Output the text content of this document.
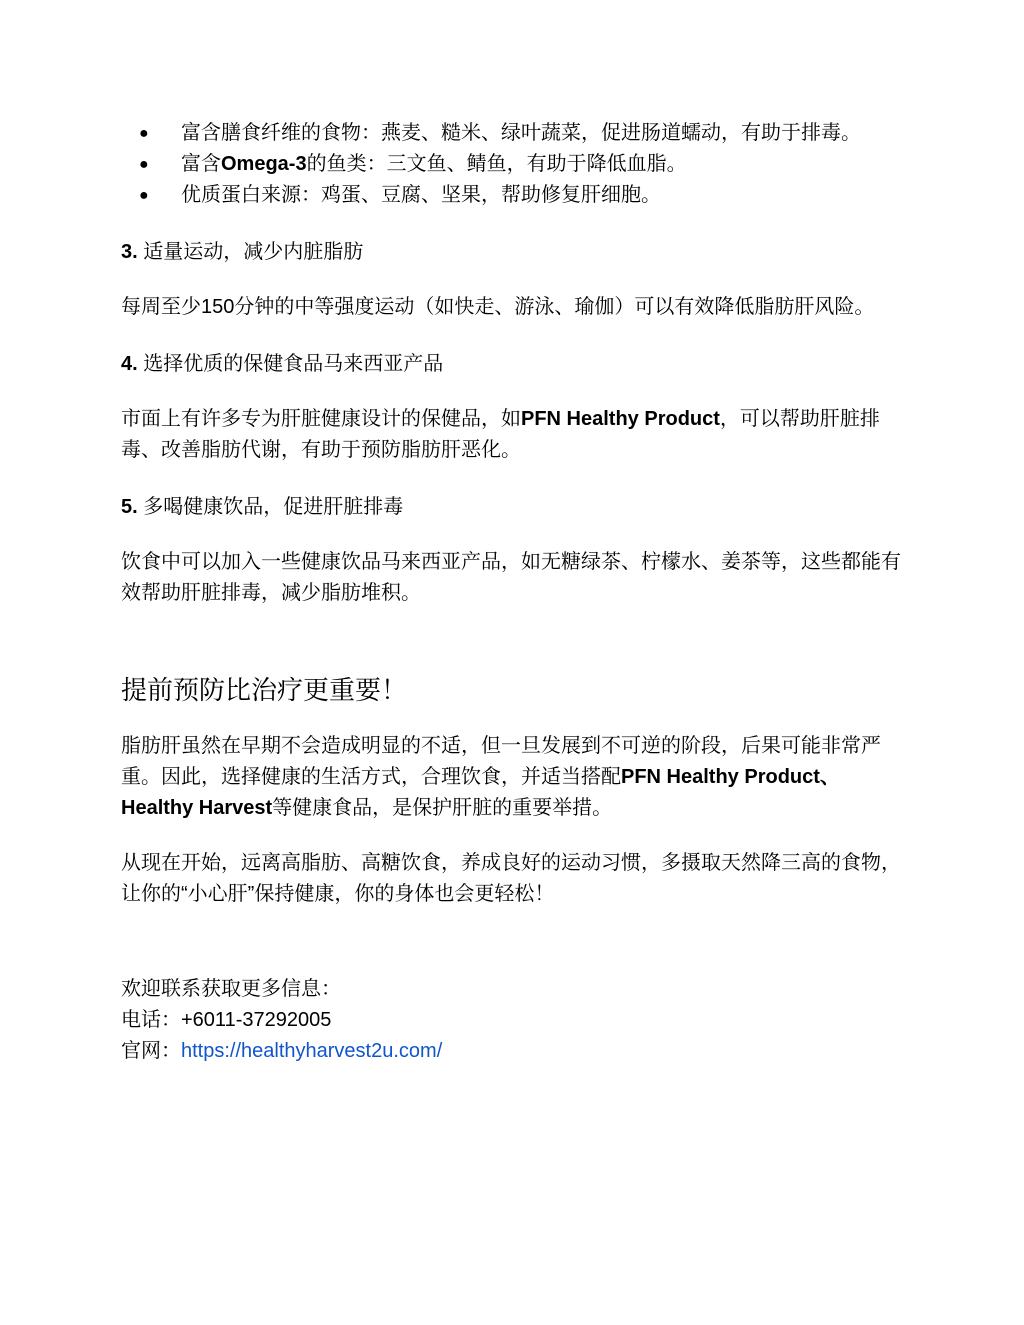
●	富含膳食纤维的食物：燕麦、糙米、绿叶蔬菜，促进肠道蠕动，有助于排毒。
●	富含Omega-3的鱼类：三文鱼、鲭鱼，有助于降低血脂。
●	优质蛋白来源：鸡蛋、豆腐、坚果，帮助修复肝细胞。
3. 适量运动，减少内脏脂肪

每周至少150分钟的中等强度运动（如快走、游泳、瑜伽）可以有效降低脂肪肝风险。

4. 选择优质的保健食品马来西亚产品

市面上有许多专为肝脏健康设计的保健品，如PFN Healthy Product，可以帮助肝脏排毒、改善脂肪代谢，有助于预防脂肪肝恶化。

5. 多喝健康饮品，促进肝脏排毒

饮食中可以加入一些健康饮品马来西亚产品，如无糖绿茶、柠檬水、姜茶等，这些都能有效帮助肝脏排毒，减少脂肪堆积。

提前预防比治疗更重要！

脂肪肝虽然在早期不会造成明显的不适，但一旦发展到不可逆的阶段，后果可能非常严重。因此，选择健康的生活方式，合理饮食，并适当搭配PFN Healthy Product、Healthy Harvest等健康食品，是保护肝脏的重要举措。

从现在开始，远离高脂肪、高糖饮食，养成良好的运动习惯，多摄取天然降三高的食物，让你的“小心肝”保持健康，你的身体也会更轻松！

欢迎联系获取更多信息：
电话：+6011-37292005
官网：https://healthyharvest2u.com/
